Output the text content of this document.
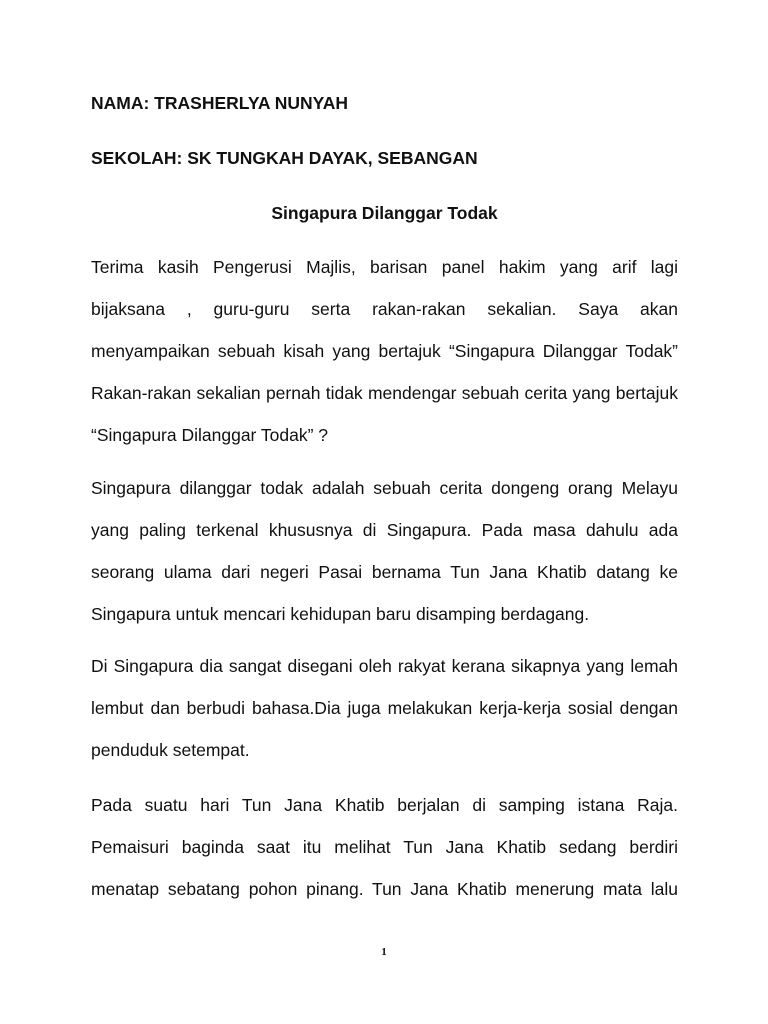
NAMA: TRASHERLYA NUNYAH
SEKOLAH: SK TUNGKAH DAYAK, SEBANGAN
Singapura Dilanggar Todak
Terima kasih Pengerusi Majlis, barisan panel hakim yang arif lagi
bijaksana , guru-guru serta rakan-rakan sekalian. Saya akan
menyampaikan sebuah kisah yang bertajuk “Singapura Dilanggar Todak”
Rakan-rakan sekalian pernah tidak mendengar sebuah cerita yang bertajuk
“Singapura Dilanggar Todak” ?
Singapura dilanggar todak adalah sebuah cerita dongeng orang Melayu
yang paling terkenal khususnya di Singapura. Pada masa dahulu ada
seorang ulama dari negeri Pasai bernama Tun Jana Khatib datang ke
Singapura untuk mencari kehidupan baru disamping berdagang.
Di Singapura dia sangat disegani oleh rakyat kerana sikapnya yang lemah
lembut dan berbudi bahasa.Dia juga melakukan kerja-kerja sosial dengan
penduduk setempat.
Pada suatu hari Tun Jana Khatib berjalan di samping istana Raja.
Pemaisuri baginda saat itu melihat Tun Jana Khatib sedang berdiri
menatap sebatang pohon pinang. Tun Jana Khatib menerung mata lalu
1
